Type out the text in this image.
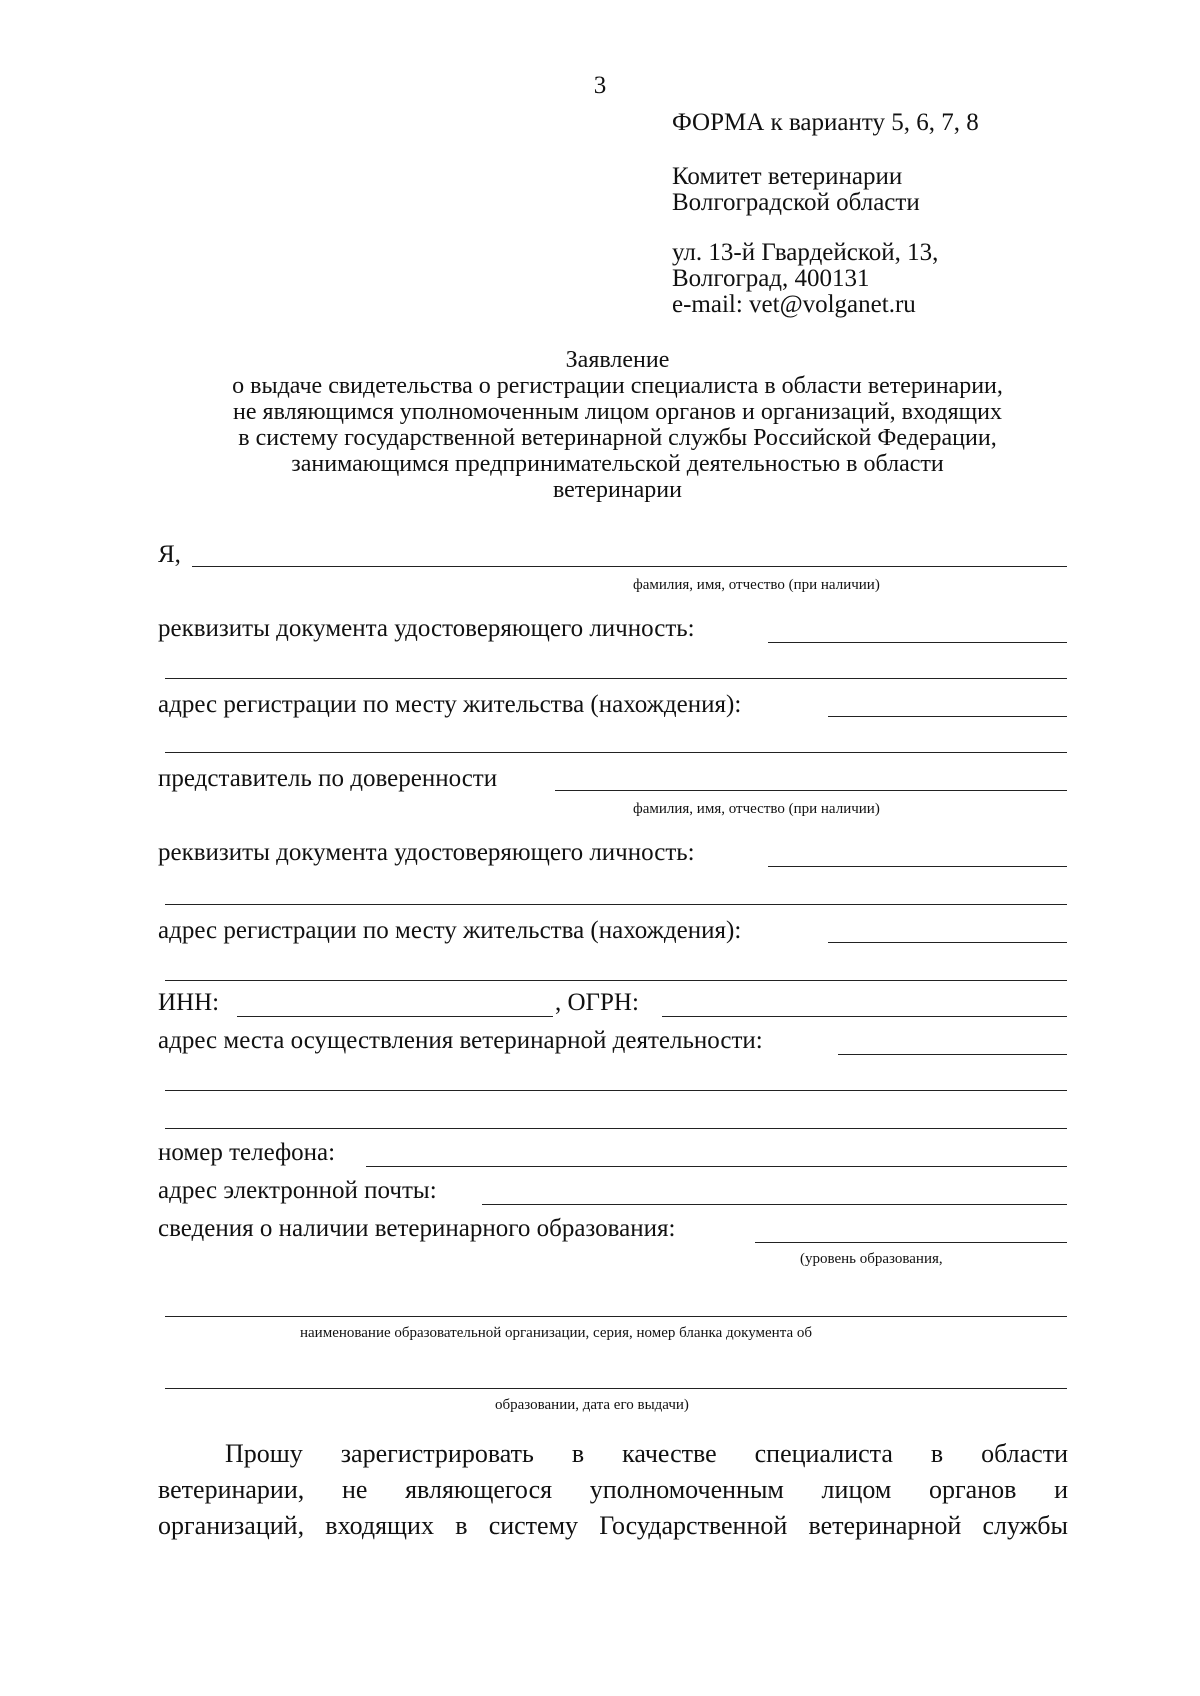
3
ФОРМА к варианту 5, 6, 7, 8
Комитет ветеринарии
Волгоградской области
ул. 13-й Гвардейской, 13,
Волгоград, 400131
e-mail: vet@volganet.ru
Заявление
о выдаче свидетельства о регистрации специалиста в области ветеринарии,
не являющимся уполномоченным лицом органов и организаций, входящих
в систему государственной ветеринарной службы Российской Федерации,
занимающимся предпринимательской деятельностью в области
ветеринарии
Я,
фамилия, имя, отчество (при наличии)
реквизиты документа удостоверяющего личность:
адрес регистрации по месту жительства (нахождения):
представитель по доверенности
фамилия, имя, отчество (при наличии)
реквизиты документа удостоверяющего личность:
адрес регистрации по месту жительства (нахождения):
ИНН:	, ОГРН:
адрес места осуществления ветеринарной деятельности:
номер телефона:
адрес электронной почты:
сведения о наличии ветеринарного образования:
(уровень образования,
наименование образовательной организации, серия, номер бланка документа об
образовании, дата его выдачи)
Прошу зарегистрировать в качестве специалиста в области
ветеринарии, не являющегося уполномоченным лицом органов и
организаций, входящих в систему Государственной ветеринарной службы
